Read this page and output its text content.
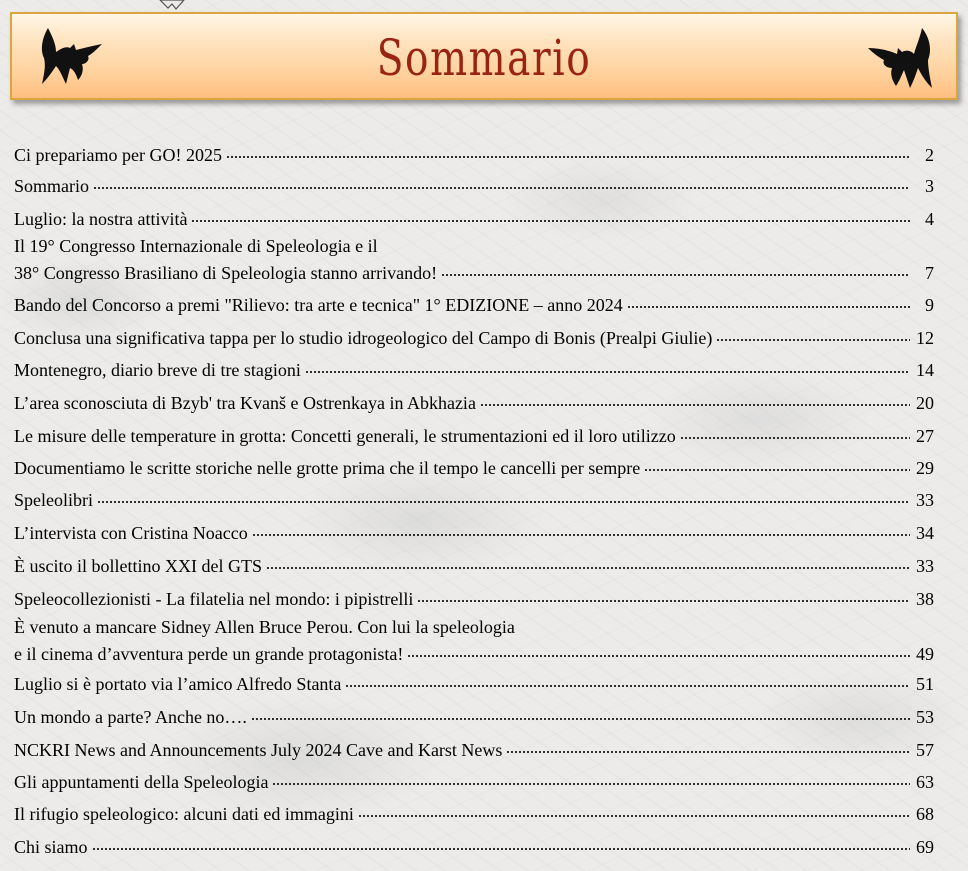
Sommario
Ci prepariamo per GO! 2025	2
Sommario	3
Luglio: la nostra attività	4
Il 19° Congresso Internazionale di Speleologia e il
38° Congresso Brasiliano di Speleologia stanno arrivando!	7
Bando del Concorso a premi "Rilievo: tra arte e tecnica" 1° EDIZIONE – anno 2024	9
Conclusa una significativa tappa per lo studio idrogeologico del Campo di Bonis (Prealpi Giulie)	12
Montenegro, diario breve di tre stagioni	14
L’area sconosciuta di Bzyb' tra Kvanš e Ostrenkaya in Abkhazia	20
Le misure delle temperature in grotta: Concetti generali, le strumentazioni ed il loro utilizzo	27
Documentiamo le scritte storiche nelle grotte prima che il tempo le cancelli per sempre	29
Speleolibri	33
L’intervista con Cristina Noacco	34
È uscito il bollettino XXI del GTS	33
Speleocollezionisti - La filatelia nel mondo: i pipistrelli	38
È venuto a mancare Sidney Allen Bruce Perou. Con lui la speleologia
e il cinema d’avventura perde un grande protagonista!	49
Luglio si è portato via l’amico Alfredo Stanta	51
Un mondo a parte? Anche no….	53
NCKRI News and Announcements July 2024 Cave and Karst News	57
Gli appuntamenti della Speleologia	63
Il rifugio speleologico: alcuni dati ed immagini	68
Chi siamo	69
